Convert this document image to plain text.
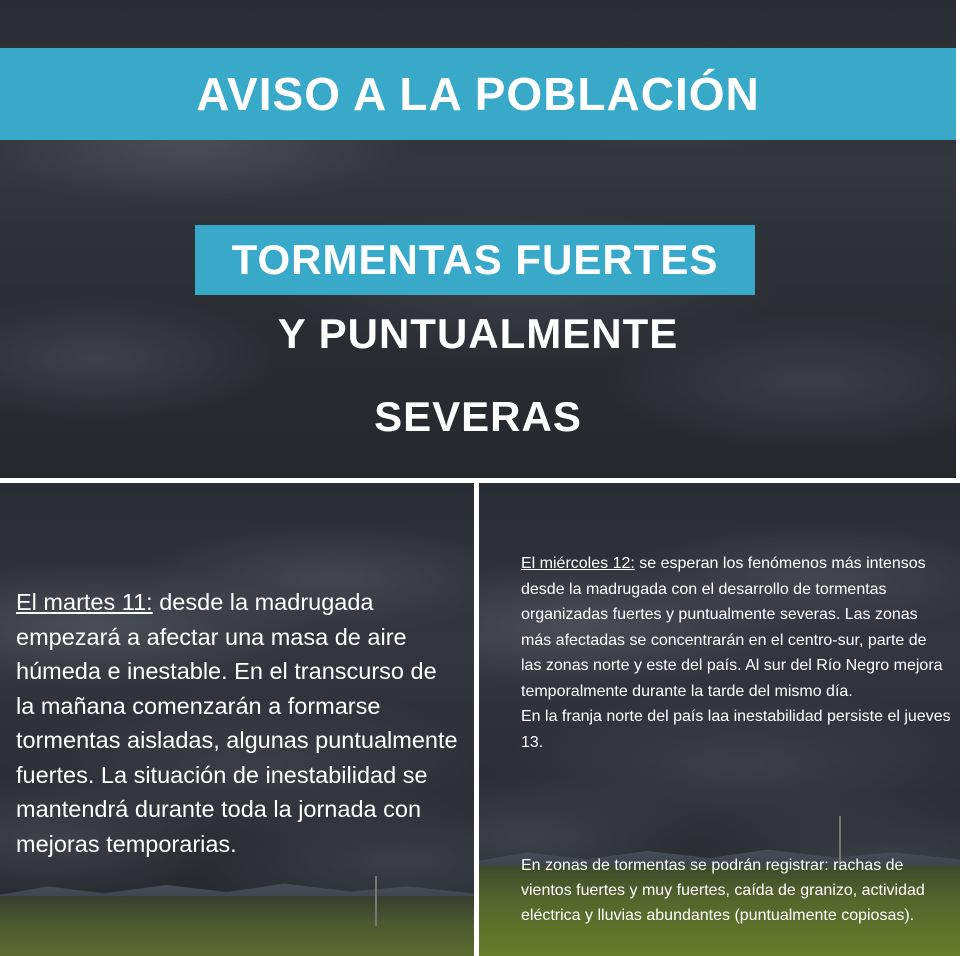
AVISO A LA POBLACIÓN
TORMENTAS FUERTES
Y PUNTUALMENTE
SEVERAS
El martes 11: desde la madrugada empezará a afectar una masa de aire húmeda e inestable. En el transcurso de la mañana comenzarán a formarse tormentas aisladas, algunas puntualmente fuertes. La situación de inestabilidad se mantendrá durante toda la jornada con mejoras temporarias.
El miércoles 12: se esperan los fenómenos más intensos desde la madrugada con el desarrollo de tormentas organizadas fuertes y puntualmente severas. Las zonas más afectadas se concentrarán en el centro-sur, parte de las zonas norte y este del país. Al sur del Río Negro mejora temporalmente durante la tarde del mismo día.
En la franja norte del país laa inestabilidad persiste el jueves 13.
En zonas de tormentas se podrán registrar: rachas de vientos fuertes y muy fuertes, caída de granizo, actividad eléctrica y lluvias abundantes (puntualmente copiosas).
